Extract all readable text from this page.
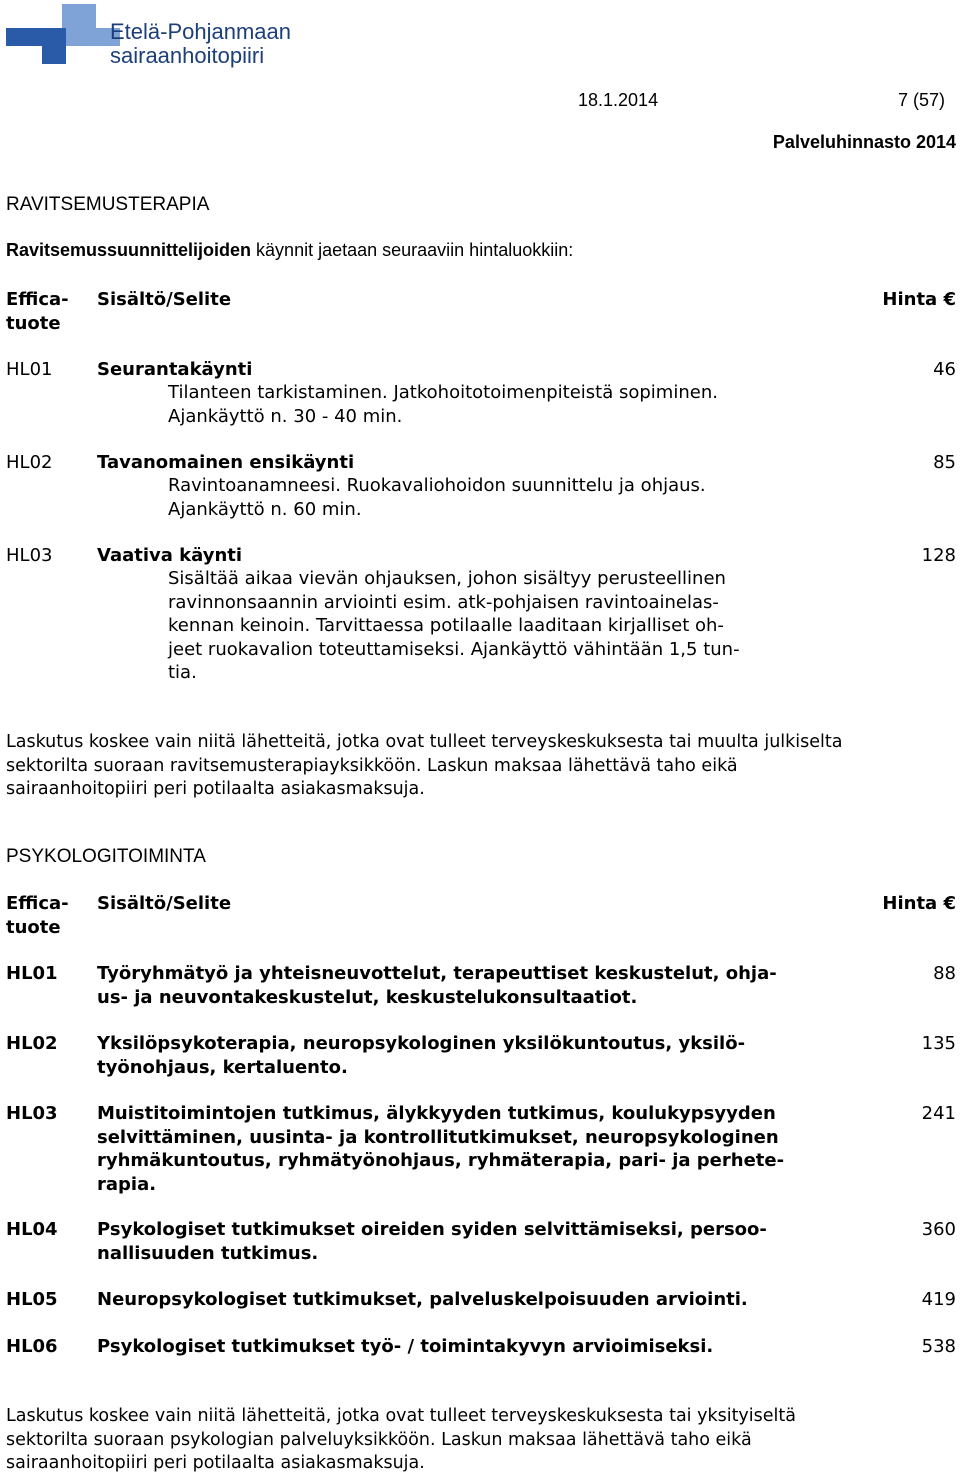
Etelä-Pohjanmaan
sairaanhoitopiiri
18.1.2014	7 (57)
Palveluhinnasto 2014
RAVITSEMUSTERAPIA
Ravitsemussuunnittelijoiden käynnit jaetaan seuraaviin hintaluokkiin:
Effica-
tuote
Sisältö/Selite	Hinta €
HL01 Seurantakäynti	46
Tilanteen tarkistaminen. Jatkohoitotoimenpiteistä sopiminen.
Ajankäyttö n. 30 - 40 min.
HL02 Tavanomainen ensikäynti	85
Ravintoanamneesi. Ruokavaliohoidon suunnittelu ja ohjaus.
Ajankäyttö n. 60 min.
HL03 Vaativa käynti	128
Sisältää aikaa vievän ohjauksen, johon sisältyy perusteellinen
ravinnonsaannin arviointi esim. atk-pohjaisen ravintoainelas-
kennan keinoin. Tarvittaessa potilaalle laaditaan kirjalliset oh-
jeet ruokavalion toteuttamiseksi. Ajankäyttö vähintään 1,5 tun-
tia.
Laskutus koskee vain niitä lähetteitä, jotka ovat tulleet terveyskeskuksesta tai muulta julkiselta
sektorilta suoraan ravitsemusterapiayksikköön. Laskun maksaa lähettävä taho eikä
sairaanhoitopiiri peri potilaalta asiakasmaksuja.
PSYKOLOGITOIMINTA
Effica-
tuote
Sisältö/Selite	Hinta €
HL01 Työryhmätyö ja yhteisneuvottelut, terapeuttiset keskustelut, ohja-
us- ja neuvontakeskustelut, keskustelukonsultaatiot.
88
HL02 Yksilöpsykoterapia, neuropsykologinen yksilökuntoutus, yksilö-
työnohjaus, kertaluento.
135
HL03 Muistitoimintojen tutkimus, älykkyyden tutkimus, koulukypsyyden
selvittäminen, uusinta- ja kontrollitutkimukset, neuropsykologinen
ryhmäkuntoutus, ryhmätyönohjaus, ryhmäterapia, pari- ja perhete-
rapia.
241
HL04 Psykologiset tutkimukset oireiden syiden selvittämiseksi, persoo-
nallisuuden tutkimus.
360
HL05 Neuropsykologiset tutkimukset, palveluskelpoisuuden arviointi.	419
HL06 Psykologiset tutkimukset työ- / toimintakyvyn arvioimiseksi.	538
Laskutus koskee vain niitä lähetteitä, jotka ovat tulleet terveyskeskuksesta tai yksityiseltä
sektorilta suoraan psykologian palveluyksikköön. Laskun maksaa lähettävä taho eikä
sairaanhoitopiiri peri potilaalta asiakasmaksuja.
